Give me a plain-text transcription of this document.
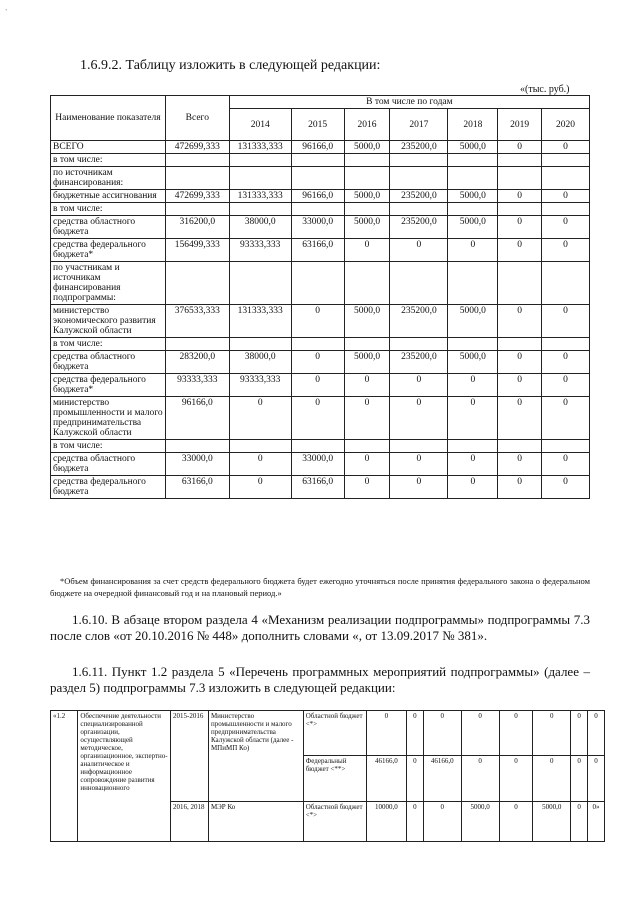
`
1.6.9.2. Таблицу изложить в следующей редакции:
«(тыс. руб.)
Наименование показателя	Всего	В том числе по годам						
		2014	2015	2016	2017	2018	2019	2020
ВСЕГО	472699,333	131333,333	96166,0	5000,0	235200,0	5000,0	0	0
в том числе:								
по источникам финансирования:								
бюджетные ассигнования	472699,333	131333,333	96166,0	5000,0	235200,0	5000,0	0	0
в том числе:								
средства областного бюджета	316200,0	38000,0	33000,0	5000,0	235200,0	5000,0	0	0
средства федерального бюджета*	156499,333	93333,333	63166,0	0	0	0	0	0
по участникам и источникам финансирования подпрограммы:								
министерство экономического развития Калужской области	376533,333	131333,333	0	5000,0	235200,0	5000,0	0	0
в том числе:								
средства областного бюджета	283200,0	38000,0	0	5000,0	235200,0	5000,0	0	0
средства федерального бюджета*	93333,333	93333,333	0	0	0	0	0	0
министерство промышленности и малого предпринимательства Калужской области	96166,0	0	0	0	0	0	0	0
в том числе:								
средства областного бюджета	33000,0	0	33000,0	0	0	0	0	0
средства федерального бюджета	63166,0	0	63166,0	0	0	0	0	0
*Объем финансирования за счет средств федерального бюджета будет ежегодно уточняться после принятия федерального закона о федеральном бюджете на очередной финансовый год и на плановый период.»
1.6.10. В абзаце втором раздела 4 «Механизм реализации подпрограммы» подпрограммы 7.3 после слов «от 20.10.2016 № 448» дополнить словами «, от 13.09.2017 № 381».
1.6.11. Пункт 1.2 раздела 5 «Перечень программных мероприятий подпрограммы» (далее – раздел 5) подпрограммы 7.3 изложить в следующей редакции:
«1.2	Обеспечение деятельности специализированной организации, осуществляющей методическое, организационное, экспертно-аналитическое и информационное сопровождение развития инновационного	2015-2016	Министерство промышленности и малого предпринимательства Калужской области (далее - МПиМП Ко)	Областной бюджет <*>	0	0	0	0	0	0	0	0
				Федеральный бюджет <**>	46166,0	0	46166,0	0	0	0	0	0
		2016, 2018	МЭР Ко	Областной бюджет <*>	10000,0	0	0	5000,0	0	5000,0	0	0»
